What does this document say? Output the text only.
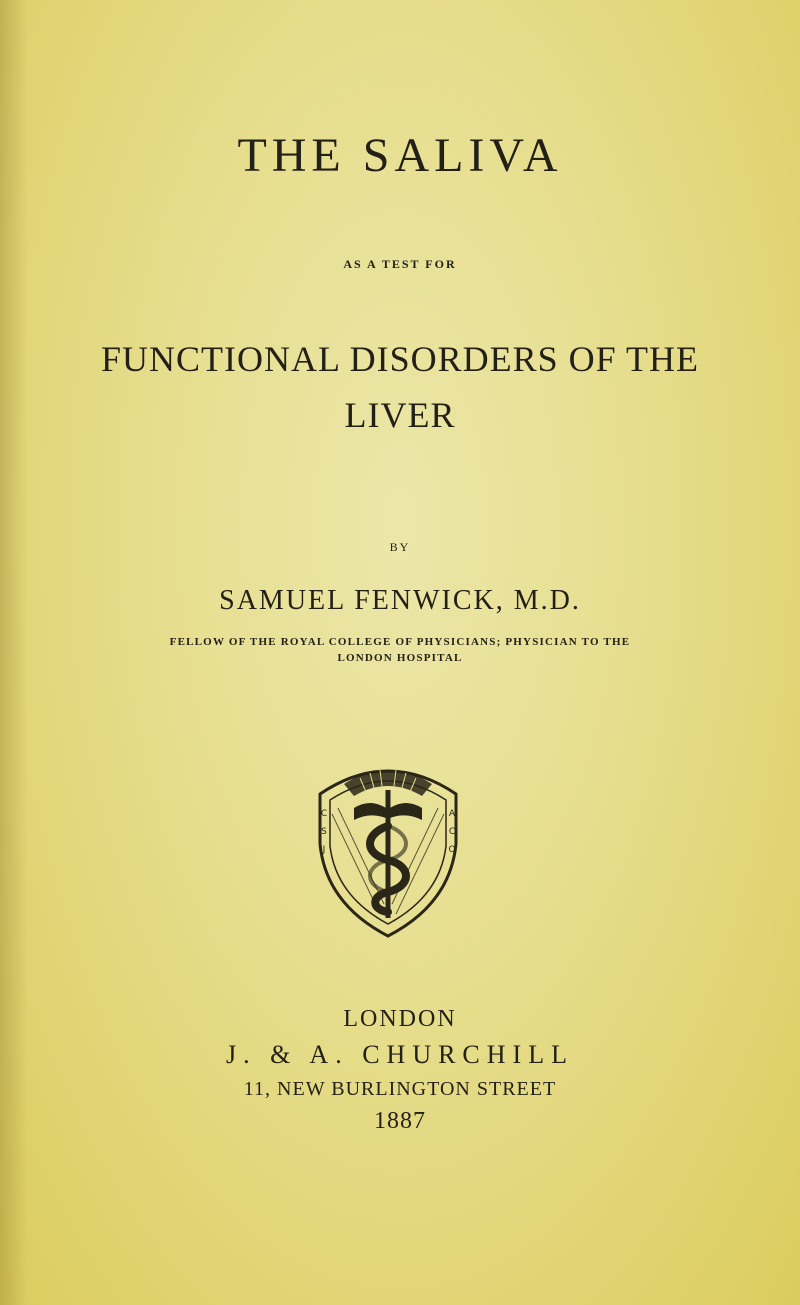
THE SALIVA
AS A TEST FOR
FUNCTIONAL DISORDERS OF THE
LIVER
BY
SAMUEL FENWICK, M.D.
FELLOW OF THE ROYAL COLLEGE OF PHYSICIANS; PHYSICIAN TO THE
LONDON HOSPITAL
C
S
J
A
C
O
LONDON
J. & A. CHURCHILL
11, NEW BURLINGTON STREET
1887
